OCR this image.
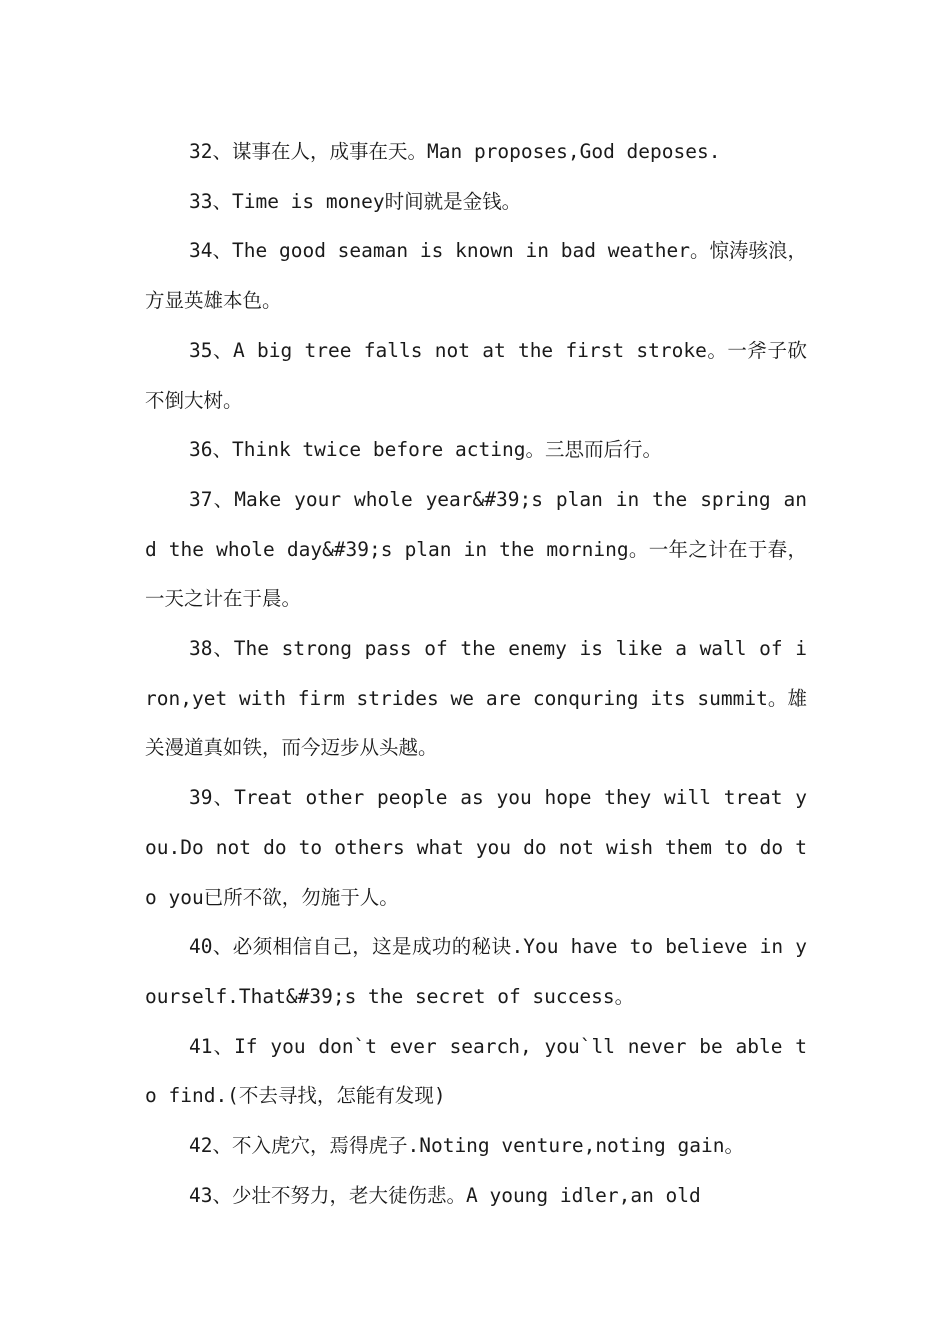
32、谋事在人，成事在天。Man proposes,God deposes.

33、Time is money时间就是金钱。

34、The good seaman is known in bad weather。惊涛骇浪，方显英雄本色。

35、A big tree falls not at the first stroke。一斧子砍不倒大树。

36、Think twice before acting。三思而后行。

37、Make your whole year&#39;s plan in the spring and the whole day&#39;s plan in the morning。一年之计在于春，一天之计在于晨。

38、The strong pass of the enemy is like a wall of iron,yet with firm strides we are conquring its summit。雄关漫道真如铁，而今迈步从头越。

39、Treat other people as you hope they will treat you.Do not do to others what you do not wish them to do to you已所不欲，勿施于人。

40、必须相信自己，这是成功的秘诀.You have to believe in yourself.That&#39;s the secret of success。

41、If you don`t ever search, you`ll never be able to find.(不去寻找，怎能有发现)

42、不入虎穴，焉得虎子.Noting venture,noting gain。

43、少壮不努力，老大徒伤悲。A young idler,an old
